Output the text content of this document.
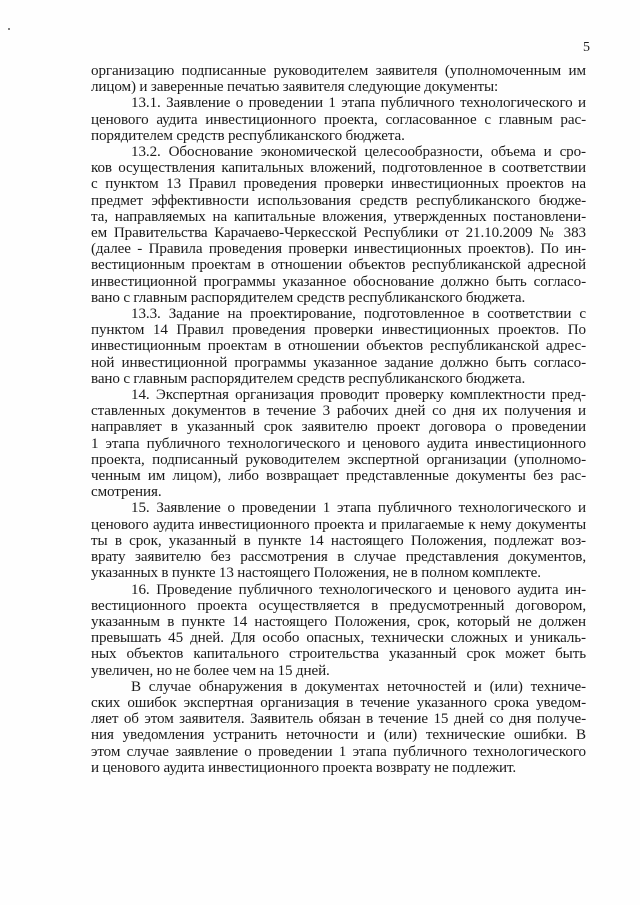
5

организацию подписанные руководителем заявителя (уполномоченным им
лицом) и заверенные печатью заявителя следующие документы:

13.1. Заявление о проведении 1 этапа публичного технологического и
ценового аудита инвестиционного проекта, согласованное с главным рас-
порядителем средств республиканского бюджета.

13.2. Обоснование экономической целесообразности, объема и сро-
ков осуществления капитальных вложений, подготовленное в соответствии
с пунктом 13 Правил проведения проверки инвестиционных проектов на
предмет эффективности использования средств республиканского бюдже-
та, направляемых на капитальные вложения, утвержденных постановлени-
ем Правительства Карачаево-Черкесской Республики от 21.10.2009 № 383
(далее - Правила проведения проверки инвестиционных проектов). По ин-
вестиционным проектам в отношении объектов республиканской адресной
инвестиционной программы указанное обоснование должно быть согласо-
вано с главным распорядителем средств республиканского бюджета.

13.3. Задание на проектирование, подготовленное в соответствии с
пунктом 14 Правил проведения проверки инвестиционных проектов. По
инвестиционным проектам в отношении объектов республиканской адрес-
ной инвестиционной программы указанное задание должно быть согласо-
вано с главным распорядителем средств республиканского бюджета.

14. Экспертная организация проводит проверку комплектности пред-
ставленных документов в течение 3 рабочих дней со дня их получения и
направляет в указанный срок заявителю проект договора о проведении
1 этапа публичного технологического и ценового аудита инвестиционного
проекта, подписанный руководителем экспертной организации (уполномо-
ченным им лицом), либо возвращает представленные документы без рас-
смотрения.

15. Заявление о проведении 1 этапа публичного технологического и
ценового аудита инвестиционного проекта и прилагаемые к нему документы
ты в срок, указанный в пункте 14 настоящего Положения, подлежат воз-
врату заявителю без рассмотрения в случае представления документов,
указанных в пункте 13 настоящего Положения, не в полном комплекте.

16. Проведение публичного технологического и ценового аудита ин-
вестиционного проекта осуществляется в предусмотренный договором,
указанным в пункте 14 настоящего Положения, срок, который не должен
превышать 45 дней. Для особо опасных, технически сложных и уникаль-
ных объектов капитального строительства указанный срок может быть
увеличен, но не более чем на 15 дней.

В случае обнаружения в документах неточностей и (или) техниче-
ских ошибок экспертная организация в течение указанного срока уведом-
ляет об этом заявителя. Заявитель обязан в течение 15 дней со дня получе-
ния уведомления устранить неточности и (или) технические ошибки. В
этом случае заявление о проведении 1 этапа публичного технологического
и ценового аудита инвестиционного проекта возврату не подлежит.
